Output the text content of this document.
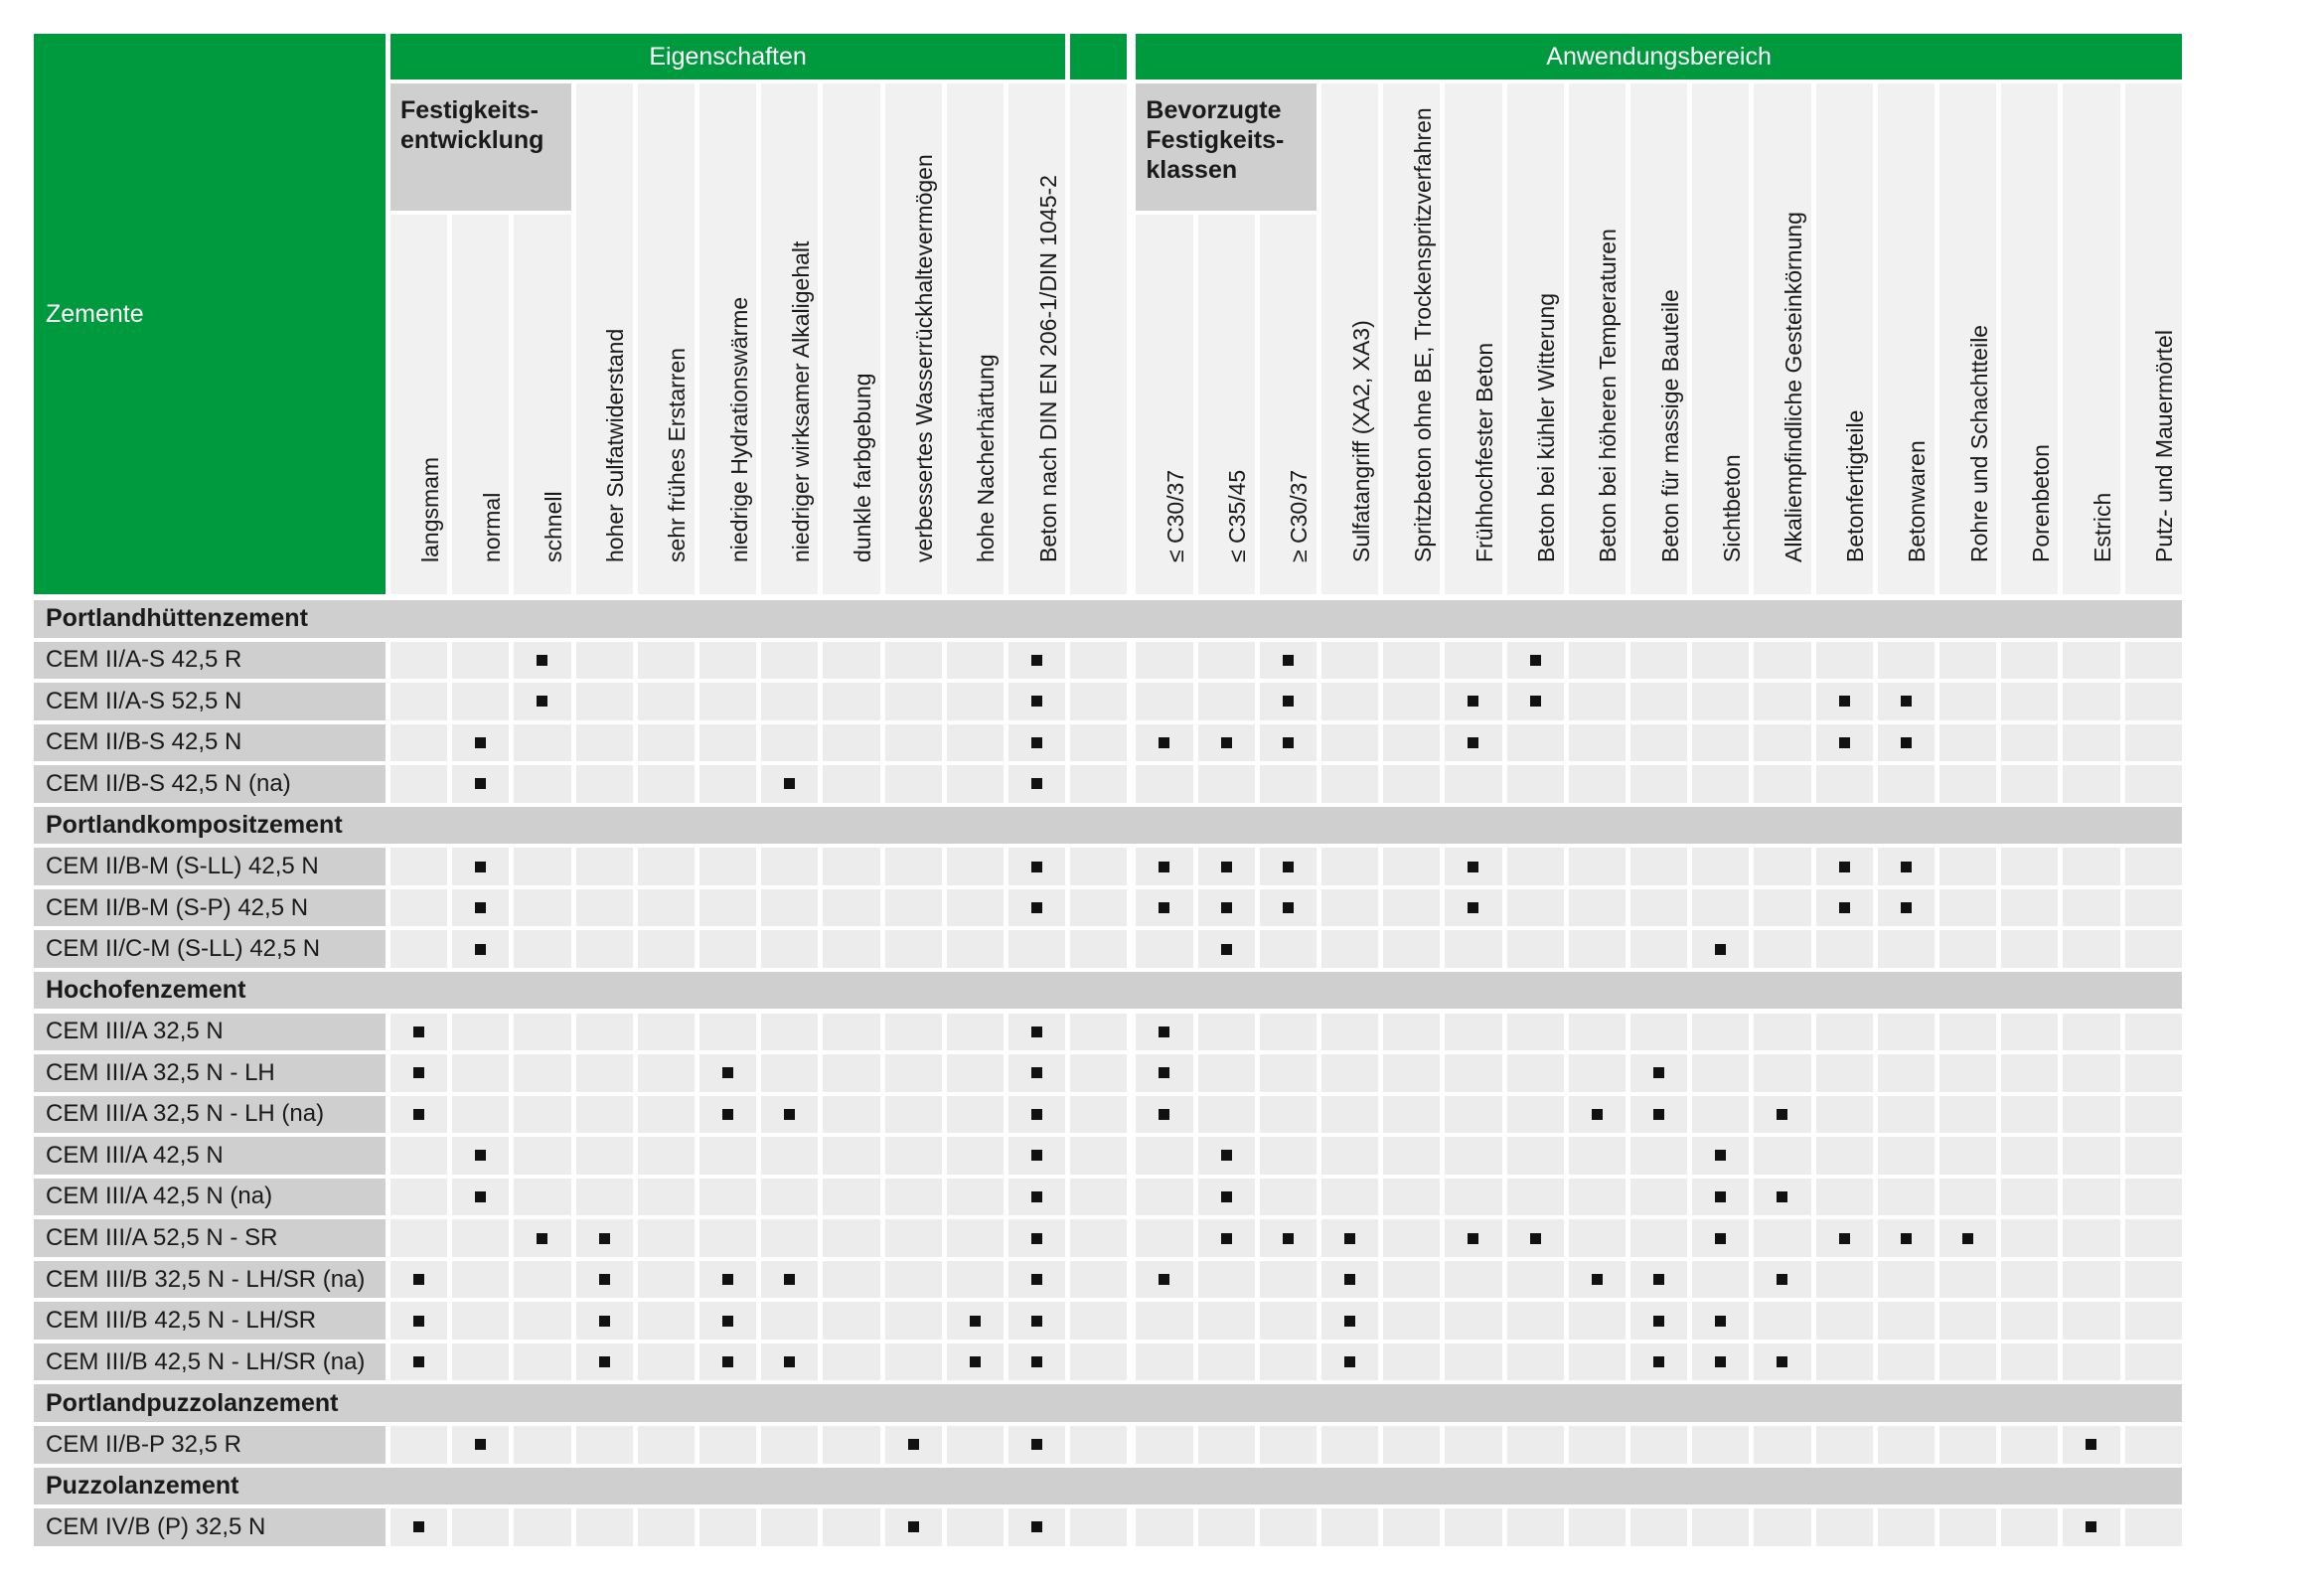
Zemente
Eigenschaften	Anwendungsbereich
langsmam normal schnell hoher Sulfatwiderstand sehr frühes Erstarren niedrige Hydrationswärme niedriger wirksamer Alkaligehalt dunkle farbgebung verbessertes Wasserrückhaltevermögen hohe Nacherhärtung Beton nach DIN EN 206-1/DIN 1045-2	≤ C30/37 ≤ C35/45 ≥ C30/37 Sulfatangriff (XA2, XA3) Spritzbeton ohne BE, Trockenspritzverfahren Frühhochfester Beton Beton bei kühler Witterung Beton bei höheren Temperaturen Beton für massige Bauteile Sichtbeton Alkaliempfindliche Gesteinkörnung Betonfertigteile Betonwaren Rohre und Schachtteile Porenbeton Estrich Putz- und Mauermörtel
Festigkeits-
entwicklung
Bevorzugte
Festigkeits-
klassen
Portlandhüttenzement
CEM II/A-S 42,5 R
CEM II/A-S 52,5 N
CEM II/B-S 42,5 N
CEM II/B-S 42,5 N (na)
Portlandkompositzement
CEM II/B-M (S-LL) 42,5 N
CEM II/B-M (S-P) 42,5 N
CEM II/C-M (S-LL) 42,5 N
Hochofenzement
CEM III/A 32,5 N
CEM III/A 32,5 N - LH
CEM III/A 32,5 N - LH (na)
CEM III/A 42,5 N
CEM III/A 42,5 N (na)
CEM III/A 52,5 N - SR
CEM III/B 32,5 N - LH/SR (na)
CEM III/B 42,5 N - LH/SR
CEM III/B 42,5 N - LH/SR (na)
Portlandpuzzolanzement
CEM II/B-P 32,5 R
Puzzolanzement
CEM IV/B (P) 32,5 N
